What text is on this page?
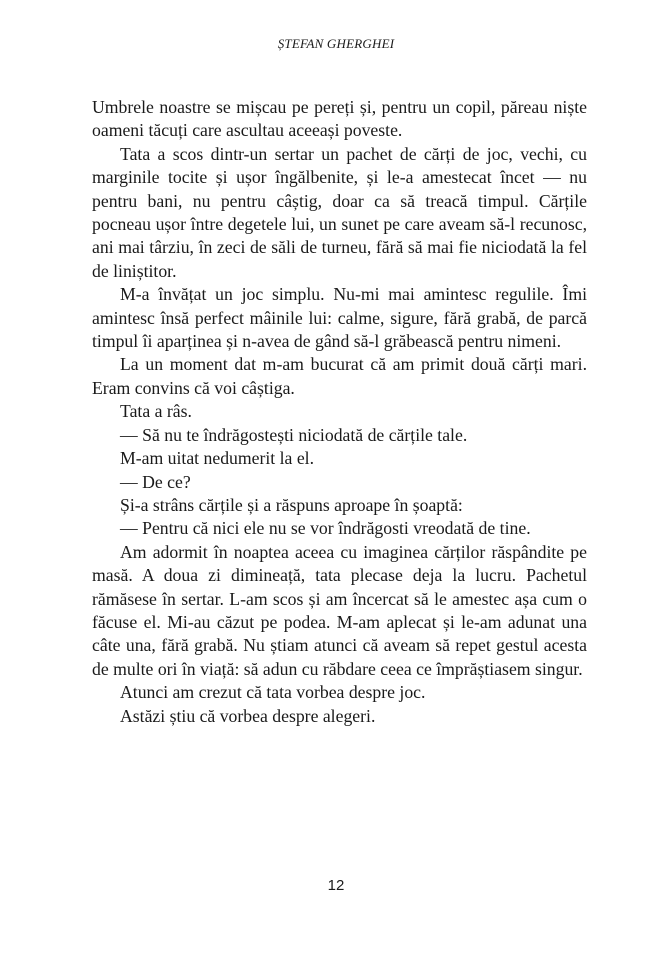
ȘTEFAN GHERGHEI

Umbrele noastre se mișcau pe pereți și, pentru un copil, păreau niște oameni tăcuți care ascultau aceeași poveste.

Tata a scos dintr-un sertar un pachet de cărți de joc, vechi, cu marginile tocite și ușor îngălbenite, și le-a amestecat încet — nu pentru bani, nu pentru câștig, doar ca să treacă timpul. Cărțile pocneau ușor între degetele lui, un sunet pe care aveam să-l recunosc, ani mai târziu, în zeci de săli de turneu, fără să mai fie niciodată la fel de liniștitor.

M-a învățat un joc simplu. Nu-mi mai amintesc regulile. Îmi amintesc însă perfect mâinile lui: calme, sigure, fără grabă, de parcă timpul îi aparținea și n-avea de gând să-l grăbească pentru nimeni.

La un moment dat m-am bucurat că am primit două cărți mari. Eram convins că voi câștiga.

Tata a râs.

— Să nu te îndrăgostești niciodată de cărțile tale.

M-am uitat nedumerit la el.

— De ce?

Și-a strâns cărțile și a răspuns aproape în șoaptă:

— Pentru că nici ele nu se vor îndrăgosti vreodată de tine.

Am adormit în noaptea aceea cu imaginea cărților răspândite pe masă. A doua zi dimineață, tata plecase deja la lucru. Pachetul rămăsese în sertar. L-am scos și am încercat să le amestec așa cum o făcuse el. Mi-au căzut pe podea. M-am aplecat și le-am adunat una câte una, fără grabă. Nu știam atunci că aveam să repet gestul acesta de multe ori în viață: să adun cu răbdare ceea ce împrăștiasem singur.

Atunci am crezut că tata vorbea despre joc.

Astăzi știu că vorbea despre alegeri.

12
